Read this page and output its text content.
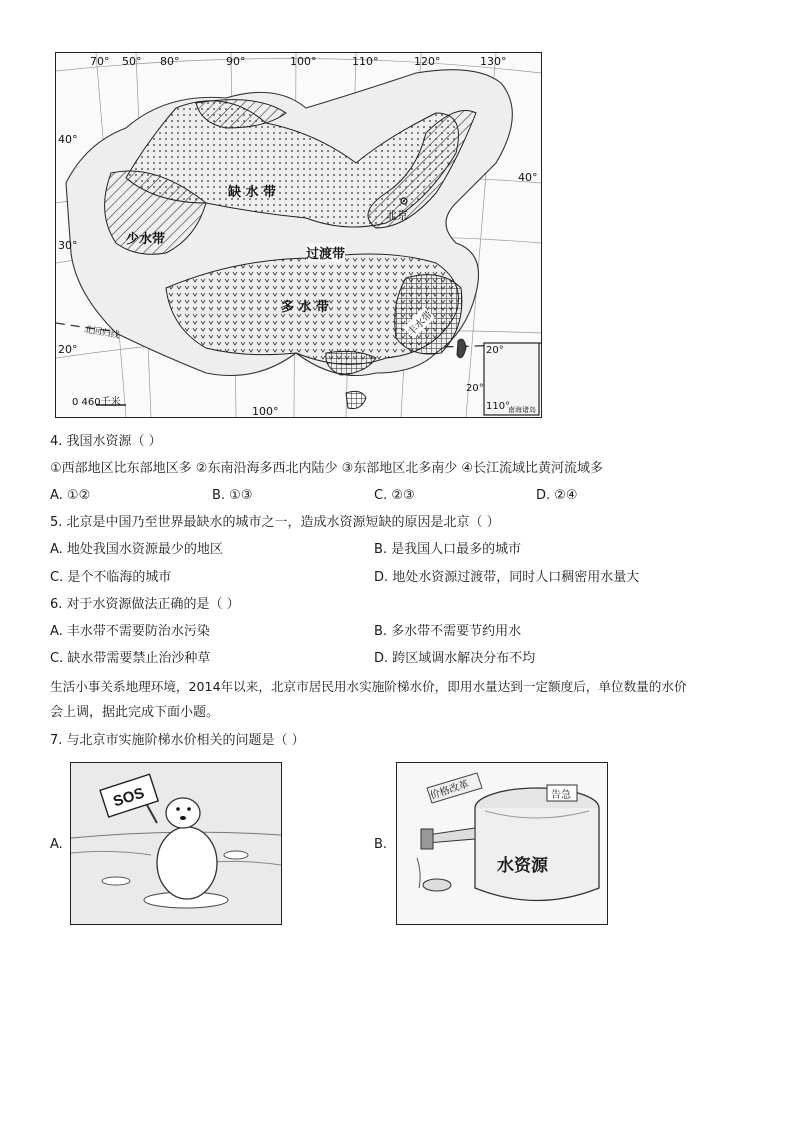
70° 50° 80°	90°	100°	110°	120°	130°
40°
30°
20°
40°
100°
缺 水 带
少水带
过渡带
多 水 带
丰水带
北京
北回归线
0 460千米
20°
20°
110°
南海诸岛
4. 我国水资源（ ）
①西部地区比东部地区多 ②东南沿海多西北内陆少 ③东部地区北多南少 ④长江流域比黄河流域多
A. ①②	B. ①③	C. ②③	D. ②④
5. 北京是中国乃至世界最缺水的城市之一，造成水资源短缺的原因是北京（ ）
A. 地处我国水资源最少的地区	B. 是我国人口最多的城市
C. 是个不临海的城市	D. 地处水资源过渡带，同时人口稠密用水量大
6. 对于水资源做法正确的是（ ）
A. 丰水带不需要防治水污染	B. 多水带不需要节约用水
C. 缺水带需要禁止治沙种草	D. 跨区域调水解决分布不均
生活小事关系地理环境，2014年以来，北京市居民用水实施阶梯水价，即用水量达到一定额度后，单位数量的水价
会上调，据此完成下面小题。
7. 与北京市实施阶梯水价相关的问题是（ ）
A.
SOS
B.
水资源
告急
价格改革
